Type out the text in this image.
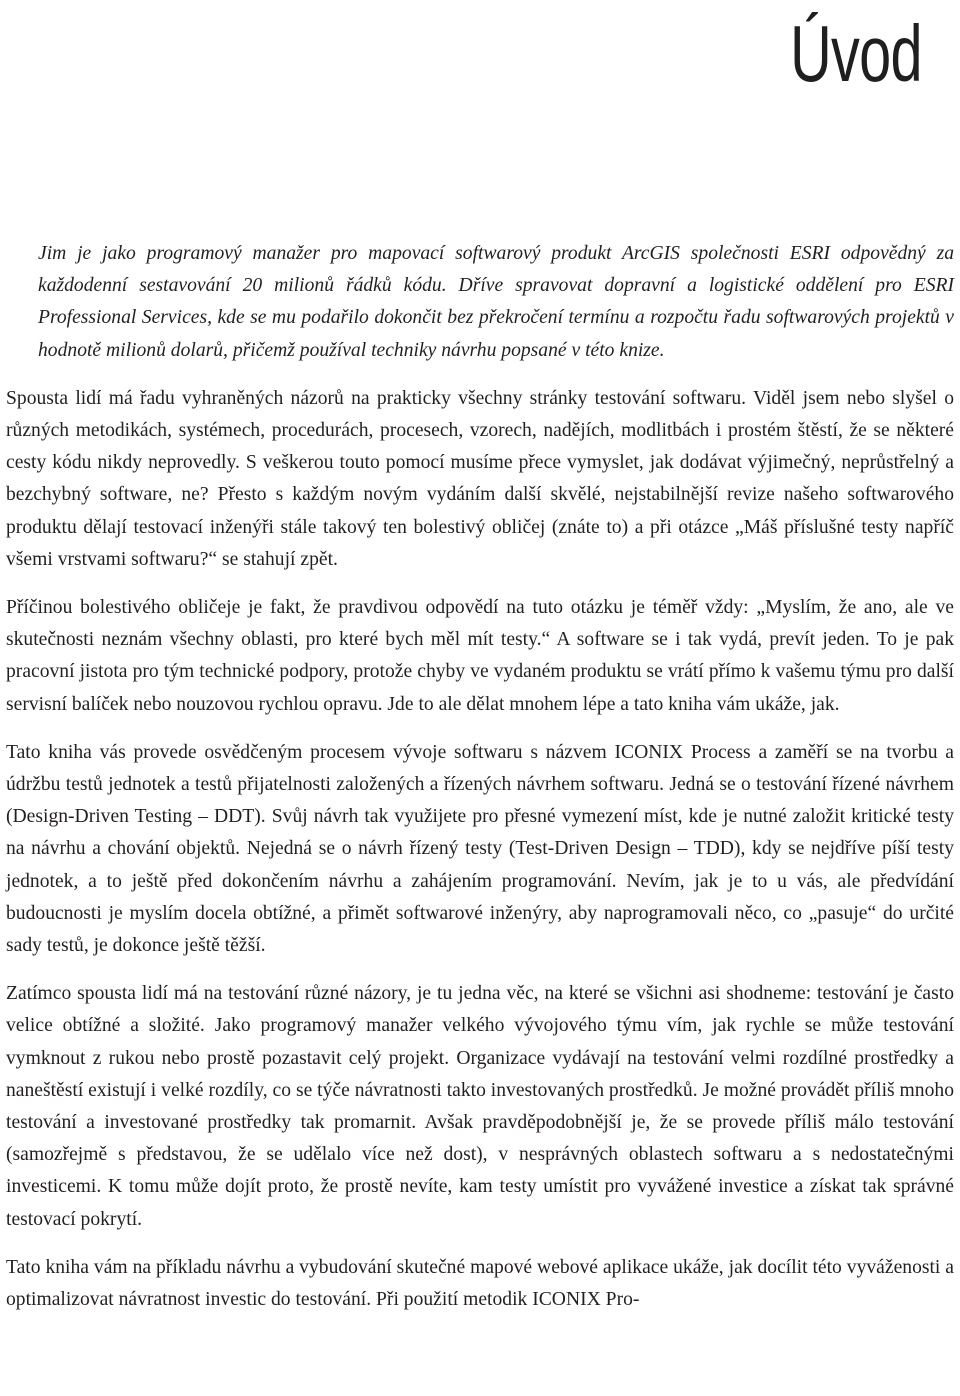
Úvod

Jim je jako programový manažer pro mapovací softwarový produkt ArcGIS společnosti ESRI odpovědný za každodenní sestavování 20 milionů řádků kódu. Dříve spravovat dopravní a logistické oddělení pro ESRI Professional Services, kde se mu podařilo dokončit bez překročení termínu a rozpočtu řadu softwarových projektů v hodnotě milionů dolarů, přičemž používal techniky návrhu popsané v této knize.

Spousta lidí má řadu vyhraněných názorů na prakticky všechny stránky testování softwaru. Viděl jsem nebo slyšel o různých metodikách, systémech, procedurách, procesech, vzorech, nadějích, modlitbách i prostém štěstí, že se některé cesty kódu nikdy neprovedly. S veškerou touto pomocí musíme přece vymyslet, jak dodávat výjimečný, neprůstřelný a bezchybný software, ne? Přesto s každým novým vydáním další skvělé, nejstabilnější revize našeho softwarového produktu dělají testovací inženýři stále takový ten bolestivý obličej (znáte to) a při otázce „Máš příslušné testy napříč všemi vrstvami softwaru?“ se stahují zpět.

Příčinou bolestivého obličeje je fakt, že pravdivou odpovědí na tuto otázku je téměř vždy: „Myslím, že ano, ale ve skutečnosti neznám všechny oblasti, pro které bych měl mít testy.“ A software se i tak vydá, prevít jeden. To je pak pracovní jistota pro tým technické podpory, protože chyby ve vydaném produktu se vrátí přímo k vašemu týmu pro další servisní balíček nebo nouzovou rychlou opravu. Jde to ale dělat mnohem lépe a tato kniha vám ukáže, jak.

Tato kniha vás provede osvědčeným procesem vývoje softwaru s názvem ICONIX Process a zaměří se na tvorbu a údržbu testů jednotek a testů přijatelnosti založených a řízených návrhem softwaru. Jedná se o testování řízené návrhem (Design-Driven Testing – DDT). Svůj návrh tak využijete pro přesné vymezení míst, kde je nutné založit kritické testy na návrhu a chování objektů. Nejedná se o návrh řízený testy (Test-Driven Design – TDD), kdy se nejdříve píší testy jednotek, a to ještě před dokončením návrhu a zahájením programování. Nevím, jak je to u vás, ale předvídání budoucnosti je myslím docela obtížné, a přimět softwarové inženýry, aby naprogramovali něco, co „pasuje“ do určité sady testů, je dokonce ještě těžší.

Zatímco spousta lidí má na testování různé názory, je tu jedna věc, na které se všichni asi shodneme: testování je často velice obtížné a složité. Jako programový manažer velkého vývojového týmu vím, jak rychle se může testování vymknout z rukou nebo prostě pozastavit celý projekt. Organizace vydávají na testování velmi rozdílné prostředky a naneštěstí existují i velké rozdíly, co se týče návratnosti takto investovaných prostředků. Je možné provádět příliš mnoho testování a investované prostředky tak promarnit. Avšak pravděpodobnější je, že se provede příliš málo testování (samozřejmě s představou, že se udělalo více než dost), v nesprávných oblastech softwaru a s nedostatečnými investicemi. K tomu může dojít proto, že prostě nevíte, kam testy umístit pro vyvážené investice a získat tak správné testovací pokrytí.

Tato kniha vám na příkladu návrhu a vybudování skutečné mapové webové aplikace ukáže, jak docílit této vyváženosti a optimalizovat návratnost investic do testování. Při použití metodik ICONIX Pro-
